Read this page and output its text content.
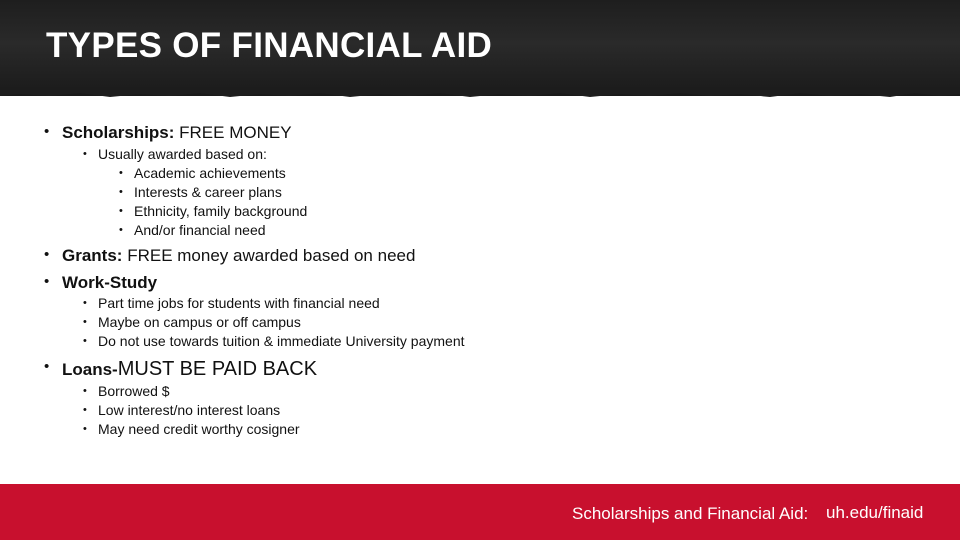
TYPES OF FINANCIAL AID
• Scholarships: FREE MONEY
• Usually awarded based on:
• Academic achievements
• Interests & career plans
• Ethnicity, family background
• And/or financial need
• Grants: FREE money awarded based on need
• Work-Study
• Part time jobs for students with financial need
• Maybe on campus or off campus
• Do not use towards tuition & immediate University payment
• Loans-MUST BE PAID BACK
• Borrowed $
• Low interest/no interest loans
• May need credit worthy cosigner
Scholarships and Financial Aid: uh.edu/finaid
